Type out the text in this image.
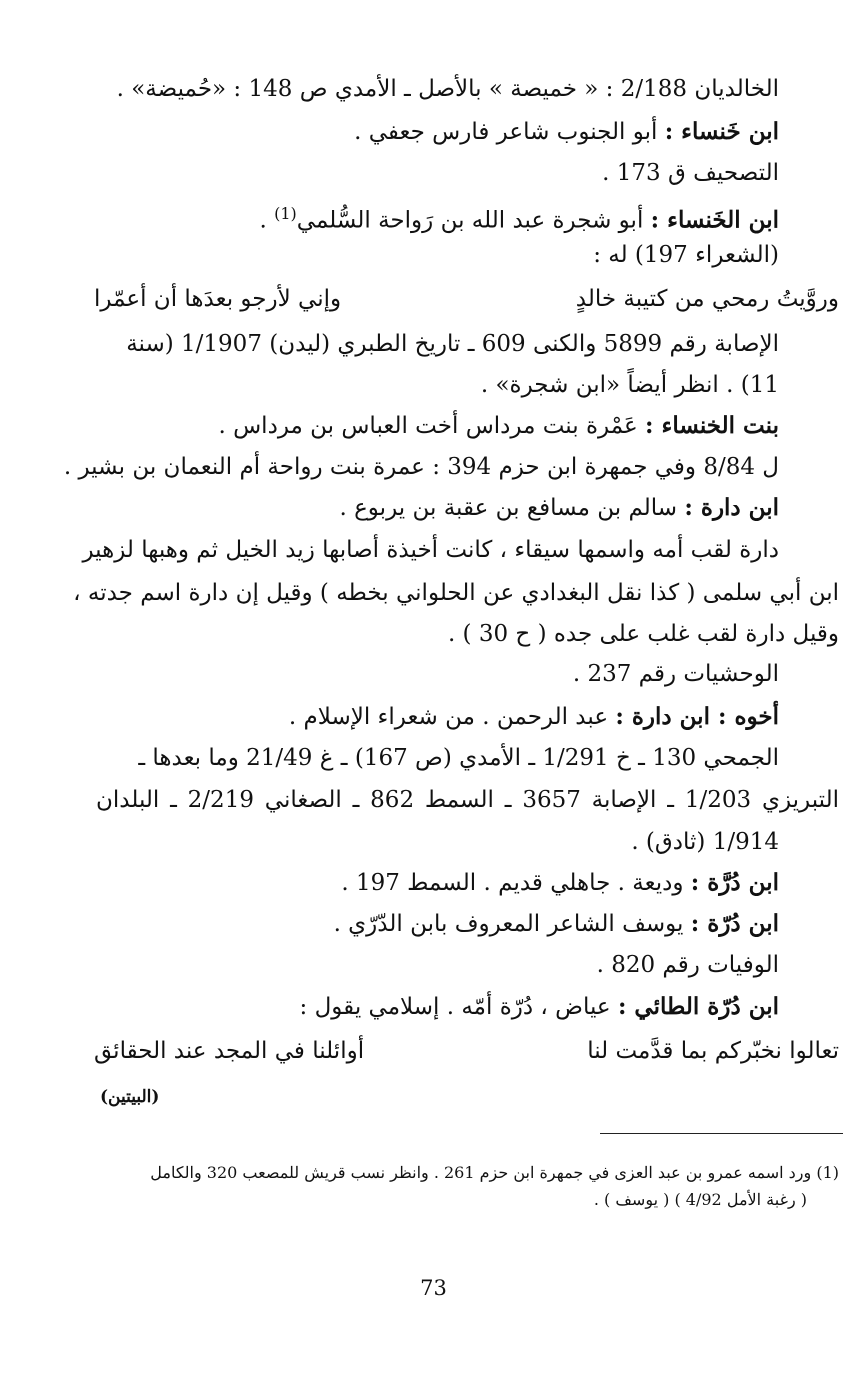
الخالديان 2/188 : « خميصة » بالأصل ـ الأمدي ص 148 : «حُميضة» .
ابن خَنساء : أبو الجنوب شاعر فارس جعفي .
التصحيف ق 173 .
ابن الخَنساء : أبو شجرة عبد الله بن رَواحة السُّلمي$^{(1)}$ .
(الشعراء 197) له :
وروَّيتُ رمحي من كتيبة خالدٍ
وإني لأرجو بعدَها أن أعمّرا
الإصابة رقم 5899 والكنى 609 ـ تاريخ الطبري (ليدن) 1/1907 (سنة
11) . انظر أيضاً «ابن شجرة» .
بنت الخنساء : عَمْرة بنت مرداس أخت العباس بن مرداس .
ل 8/84 وفي جمهرة ابن حزم 394 : عمرة بنت رواحة أم النعمان بن بشير .
ابن دارة : سالم بن مسافع بن عقبة بن يربوع .
دارة لقب أمه واسمها سيقاء ، كانت أخيذة أصابها زيد الخيل ثم وهبها لزهير
ابن أبي سلمى ( كذا نقل البغدادي عن الحلواني بخطه ) وقيل إن دارة اسم جدته ،
وقيل دارة لقب غلب على جده ( ح 30 ) .
الوحشيات رقم 237 .
أخوه : ابن دارة : عبد الرحمن . من شعراء الإسلام .
الجمحي 130 ـ خ 1/291 ـ الأمدي (ص 167) ـ غ 21/49 وما بعدها ـ
التبريزي 1/203 ـ الإصابة 3657 ـ السمط 862 ـ الصغاني 2/219 ـ البلدان
1/914 (ثادق) .
ابن دُرَّة : وديعة . جاهلي قديم . السمط 197 .
ابن دُرّة : يوسف الشاعر المعروف بابن الدّرّي .
الوفيات رقم 820 .
ابن دُرّة الطائي : عياض ، دُرّة أمّه . إسلامي يقول :
تعالوا نخبّركم بما قدَّمت لنا
أوائلنا في المجد عند الحقائق
(البيتين)
(1) ورد اسمه عمرو بن عبد العزى في جمهرة ابن حزم 261 . وانظر نسب قريش للمصعب 320 والكامل
( رغبة الأمل 4/92 ) ( يوسف ) .
73
